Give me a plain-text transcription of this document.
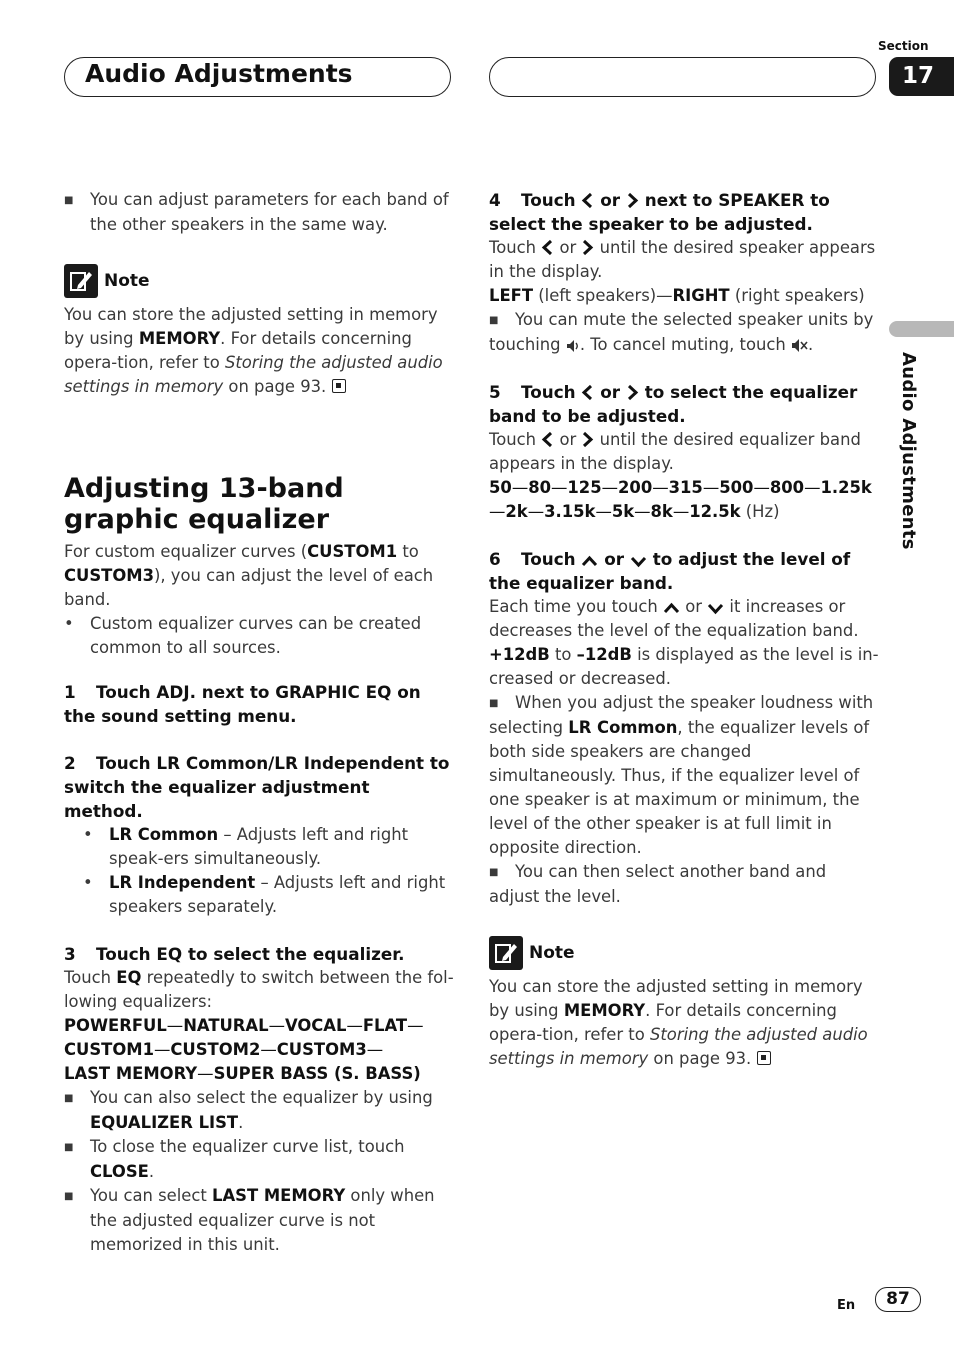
Audio Adjustments
Section
17
Audio Adjustments

■ You can adjust parameters for each band of the other speakers in the same way.

Note

You can store the adjusted setting in memory by using MEMORY. For details concerning opera-tion, refer to Storing the adjusted audio settings in memory on page 93.

Adjusting 13-band graphic equalizer

For custom equalizer curves (CUSTOM1 to CUSTOM3), you can adjust the level of each band.

• Custom equalizer curves can be created common to all sources.

1 Touch ADJ. next to GRAPHIC EQ on the sound setting menu.

2 Touch LR Common/LR Independent to switch the equalizer adjustment method.

• LR Common – Adjusts left and right speak-ers simultaneously.

• LR Independent – Adjusts left and right speakers separately.

3 Touch EQ to select the equalizer.

Touch EQ repeatedly to switch between the fol-lowing equalizers:

POWERFUL—NATURAL—VOCAL—FLAT—
CUSTOM1—CUSTOM2—CUSTOM3—
LAST MEMORY—SUPER BASS (S. BASS)

■ You can also select the equalizer by using EQUALIZER LIST.

■ To close the equalizer curve list, touch CLOSE.

■ You can select LAST MEMORY only when the adjusted equalizer curve is not memorized in this unit.

4 Touch  or  next to SPEAKER to select the speaker to be adjusted.

Touch  or  until the desired speaker appears in the display.

LEFT (left speakers)—RIGHT (right speakers)

■ You can mute the selected speaker units by touching . To cancel muting, touch .

5 Touch  or  to select the equalizer band to be adjusted.

Touch  or  until the desired equalizer band appears in the display.

50—80—125—200—315—500—800—1.25k
—2k—3.15k—5k—8k—12.5k (Hz)

6 Touch  or  to adjust the level of the equalizer band.

Each time you touch  or  it increases or decreases the level of the equalization band. +12dB to –12dB is displayed as the level is in-creased or decreased.

■ When you adjust the speaker loudness with selecting LR Common, the equalizer levels of both side speakers are changed simultaneously. Thus, if the equalizer level of one speaker is at maximum or minimum, the level of the other speaker is at full limit in opposite direction.

■ You can then select another band and adjust the level.

Note

You can store the adjusted setting in memory by using MEMORY. For details concerning opera-tion, refer to Storing the adjusted audio settings in memory on page 93.

En	87
